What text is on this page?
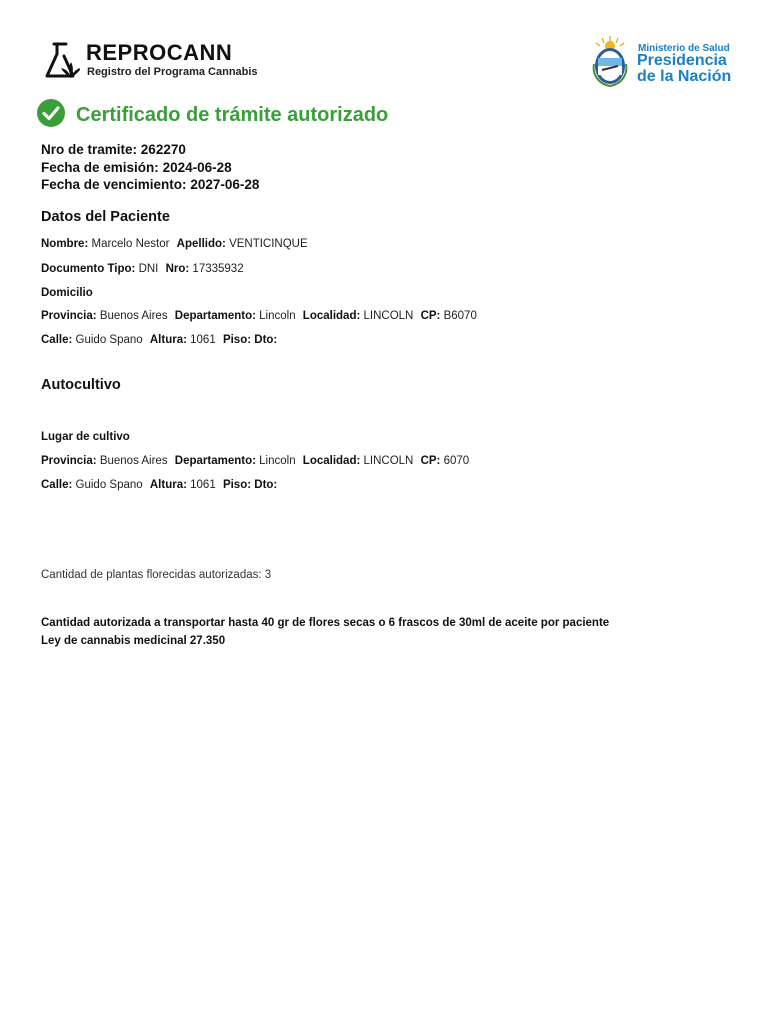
REPROCANN
Registro del Programa Cannabis
Ministerio de Salud
Presidencia
de la Nación
Certificado de trámite autorizado
Nro de tramite: 262270
Fecha de emisión: 2024-06-28
Fecha de vencimiento: 2027-06-28
Datos del Paciente
Nombre: Marcelo Nestor Apellido: VENTICINQUE
Documento Tipo: DNI Nro: 17335932
Domicilio
Provincia: Buenos Aires Departamento: Lincoln Localidad: LINCOLN CP: B6070
Calle: Guido Spano Altura: 1061 Piso: Dto:
Autocultivo
Lugar de cultivo
Provincia: Buenos Aires Departamento: Lincoln Localidad: LINCOLN CP: 6070
Calle: Guido Spano Altura: 1061 Piso: Dto:
Cantidad de plantas florecidas autorizadas: 3
Cantidad autorizada a transportar hasta 40 gr de flores secas o 6 frascos de 30ml de aceite por paciente
Ley de cannabis medicinal 27.350
